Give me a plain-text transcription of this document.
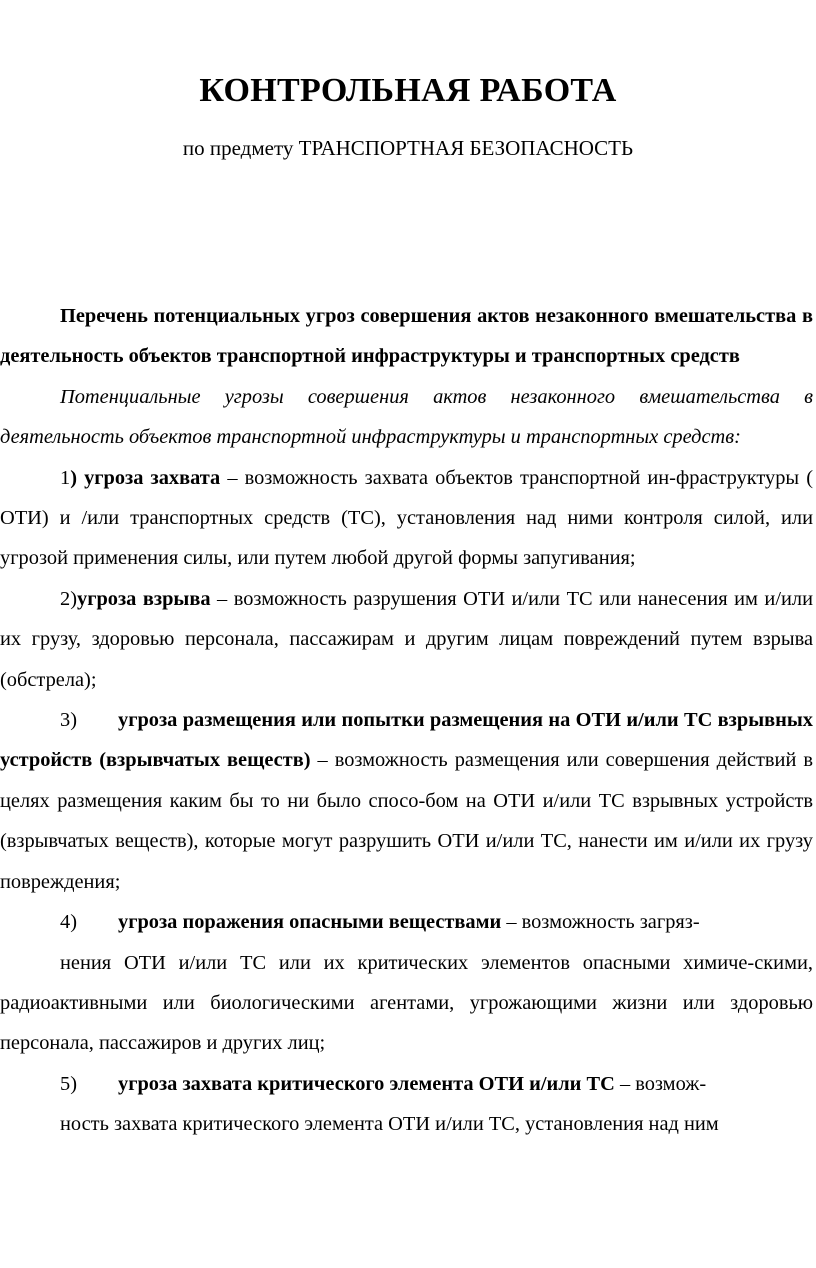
КОНТРОЛЬНАЯ РАБОТА

по предмету ТРАНСПОРТНАЯ БЕЗОПАСНОСТЬ

Перечень потенциальных угроз совершения актов незаконного вмешательства в деятельность объектов транспортной инфраструктуры и транспортных средств

Потенциальные угрозы совершения актов незаконного вмешательства в деятельность объектов транспортной инфраструктуры и транспортных средств:

1) угроза захвата – возможность захвата объектов транспортной ин-фраструктуры ( ОТИ) и /или транспортных средств (ТС), установления над ними контроля силой, или угрозой применения силы, или путем любой другой формы запугивания;

2)угроза взрыва – возможность разрушения ОТИ и/или ТС или нанесения им и/или их грузу, здоровью персонала, пассажирам и другим лицам повреждений путем взрыва (обстрела);

3) угроза размещения или попытки размещения на ОТИ и/или ТС взрывных устройств (взрывчатых веществ) – возможность размещения или совершения действий в целях размещения каким бы то ни было спосо-бом на ОТИ и/или ТС взрывных устройств (взрывчатых веществ), которые могут разрушить ОТИ и/или ТС, нанести им и/или их грузу повреждения;

4) угроза поражения опасными веществами – возможность загряз-

нения ОТИ и/или ТС или их критических элементов опасными химиче-скими, радиоактивными или биологическими агентами, угрожающими жизни или здоровью персонала, пассажиров и других лиц;

5) угроза захвата критического элемента ОТИ и/или ТС – возмож-

ность захвата критического элемента ОТИ и/или ТС, установления над ним
